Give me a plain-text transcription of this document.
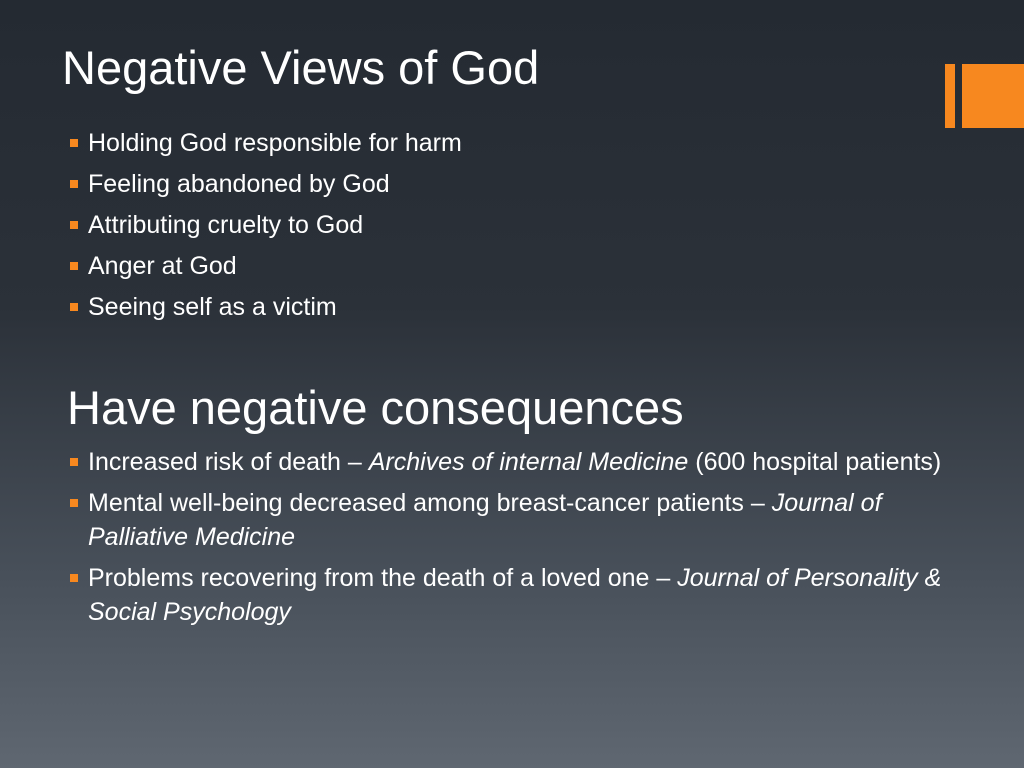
Negative Views of God
Holding God responsible for harm
Feeling abandoned by God
Attributing cruelty to God
Anger at God
Seeing self as a victim
Have negative consequences
Increased risk of death – Archives of internal Medicine (600 hospital patients)
Mental well-being decreased among breast-cancer patients – Journal of Palliative Medicine
Problems recovering from the death of a loved one – Journal of Personality & Social Psychology
